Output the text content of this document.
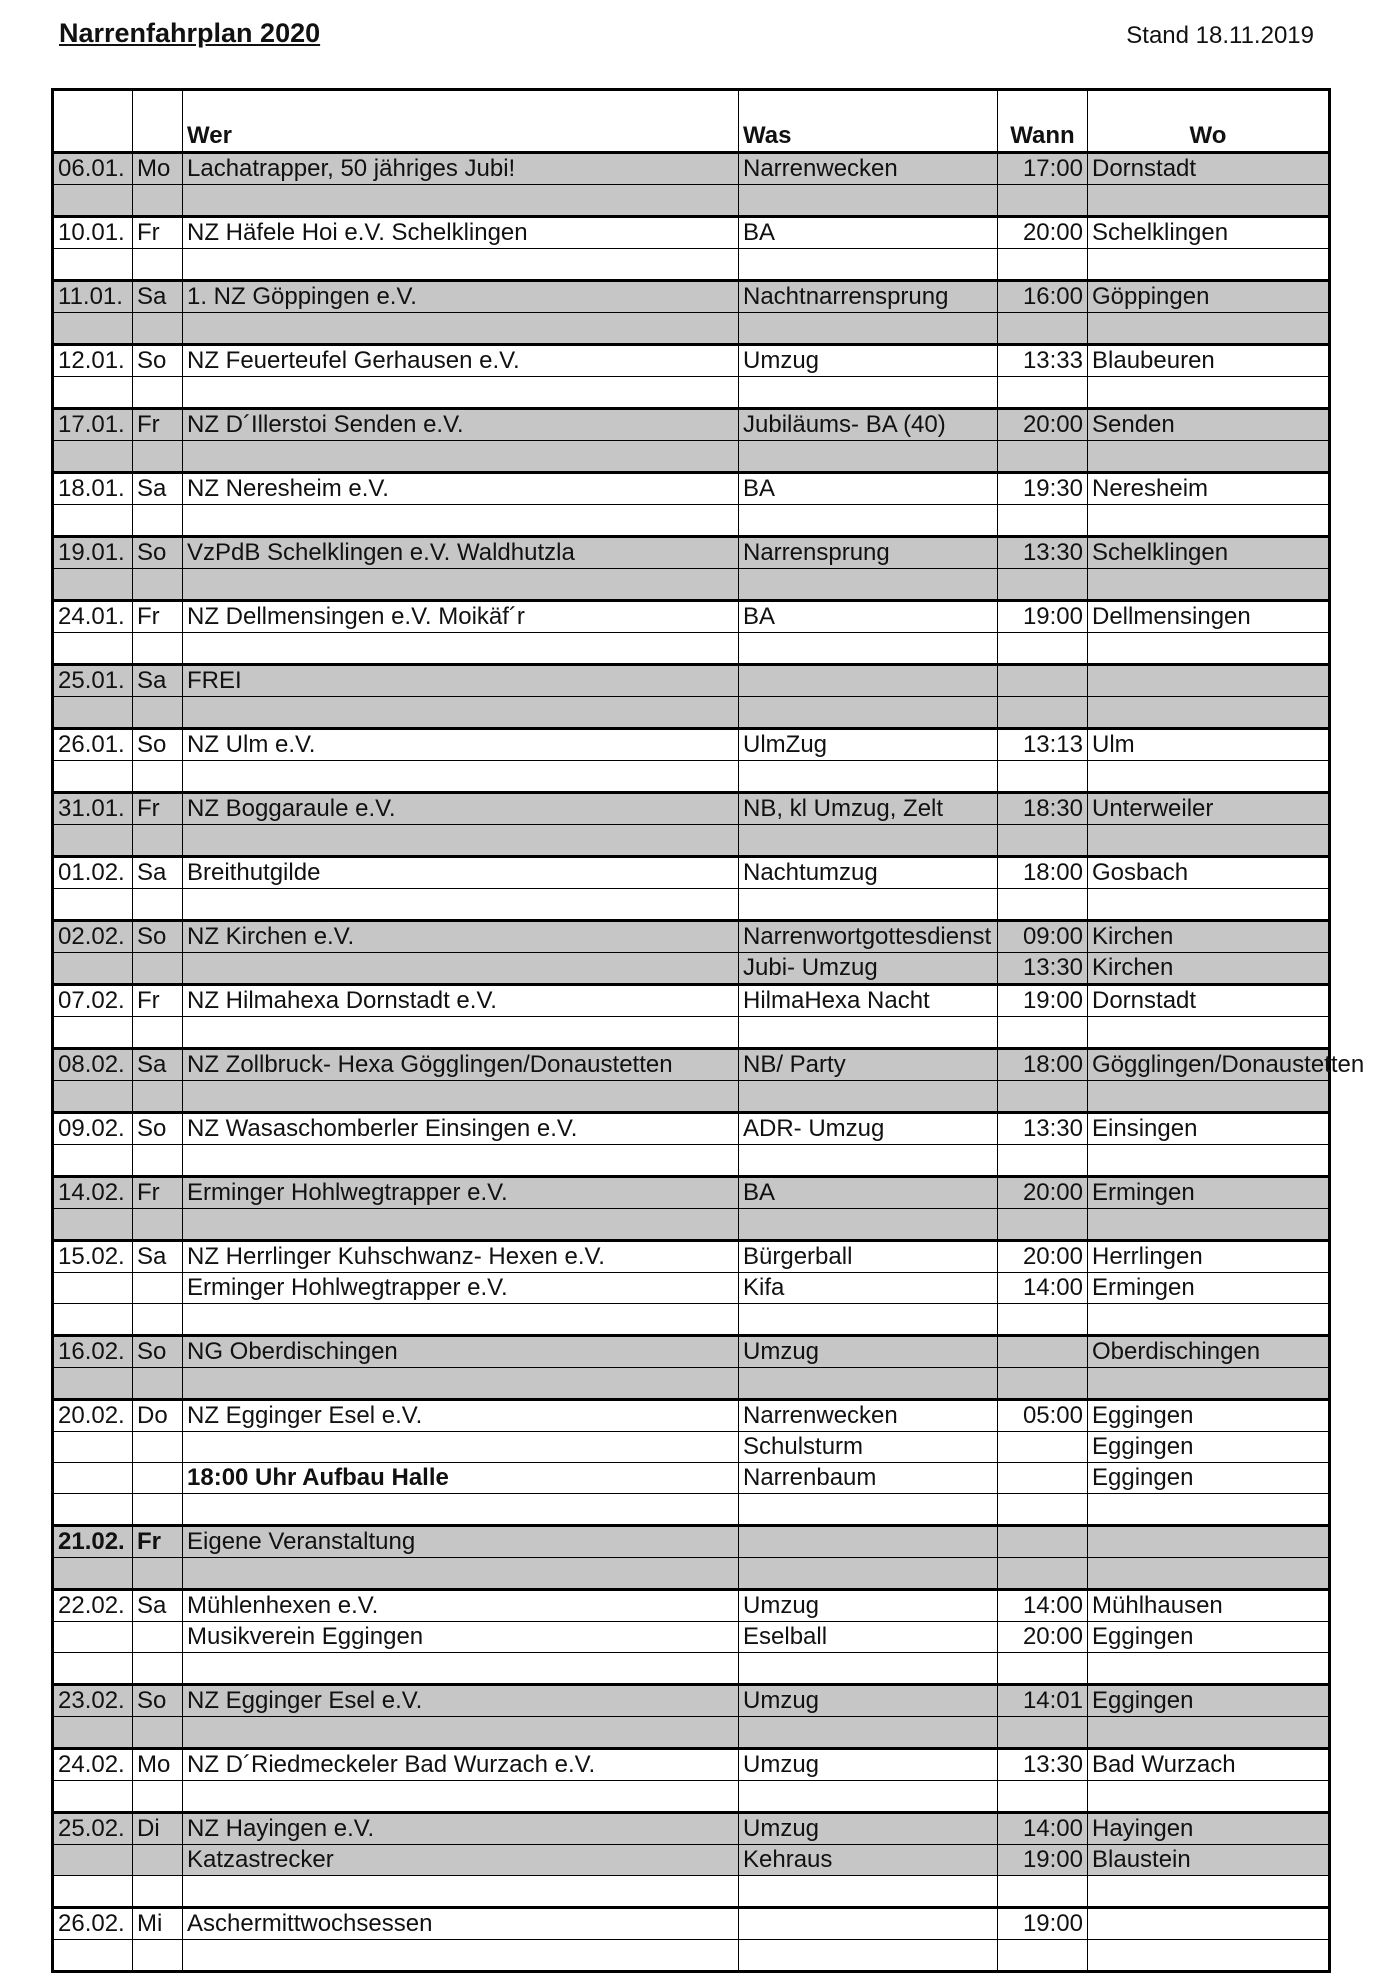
Narrenfahrplan 2020	Stand 18.11.2019
		Wer	Was	Wann	Wo
06.01.	Mo	Lachatrapper, 50 jähriges Jubi!	Narrenwecken	17:00	Dornstadt

10.01.	Fr	NZ Häfele Hoi e.V. Schelklingen	BA	20:00	Schelklingen

11.01.	Sa	1. NZ Göppingen e.V.	Nachtnarrensprung	16:00	Göppingen

12.01.	So	NZ Feuerteufel Gerhausen e.V.	Umzug	13:33	Blaubeuren

17.01.	Fr	NZ D´Illerstoi Senden e.V.	Jubiläums- BA (40)	20:00	Senden

18.01.	Sa	NZ Neresheim e.V.	BA	19:30	Neresheim

19.01.	So	VzPdB Schelklingen e.V. Waldhutzla	Narrensprung	13:30	Schelklingen

24.01.	Fr	NZ Dellmensingen e.V. Moikäf´r	BA	19:00	Dellmensingen

25.01.	Sa	FREI			

26.01.	So	NZ Ulm e.V.	UlmZug	13:13	Ulm

31.01.	Fr	NZ Boggaraule e.V.	NB, kl Umzug, Zelt	18:30	Unterweiler

01.02.	Sa	Breithutgilde	Nachtumzug	18:00	Gosbach

02.02.	So	NZ Kirchen e.V.	Narrenwortgottesdienst	09:00	Kirchen
			Jubi- Umzug	13:30	Kirchen
07.02.	Fr	NZ Hilmahexa Dornstadt e.V.	HilmaHexa Nacht	19:00	Dornstadt

08.02.	Sa	NZ Zollbruck- Hexa Gögglingen/Donaustetten	NB/ Party	18:00	Gögglingen/Donaustetten

09.02.	So	NZ Wasaschomberler Einsingen e.V.	ADR- Umzug	13:30	Einsingen

14.02.	Fr	Erminger Hohlwegtrapper e.V.	BA	20:00	Ermingen

15.02.	Sa	NZ Herrlinger Kuhschwanz- Hexen e.V.	Bürgerball	20:00	Herrlingen
		Erminger Hohlwegtrapper e.V.	Kifa	14:00	Ermingen

16.02.	So	NG Oberdischingen	Umzug		Oberdischingen

20.02.	Do	NZ Egginger Esel e.V.	Narrenwecken	05:00	Eggingen
			Schulsturm		Eggingen
		18:00 Uhr Aufbau Halle	Narrenbaum		Eggingen

21.02.	Fr	Eigene Veranstaltung			

22.02.	Sa	Mühlenhexen e.V.	Umzug	14:00	Mühlhausen
		Musikverein Eggingen	Eselball	20:00	Eggingen

23.02.	So	NZ Egginger Esel e.V.	Umzug	14:01	Eggingen

24.02.	Mo	NZ D´Riedmeckeler Bad Wurzach e.V.	Umzug	13:30	Bad Wurzach

25.02.	Di	NZ Hayingen e.V.	Umzug	14:00	Hayingen
		Katzastrecker	Kehraus	19:00	Blaustein

26.02.	Mi	Aschermittwochsessen		19:00	
